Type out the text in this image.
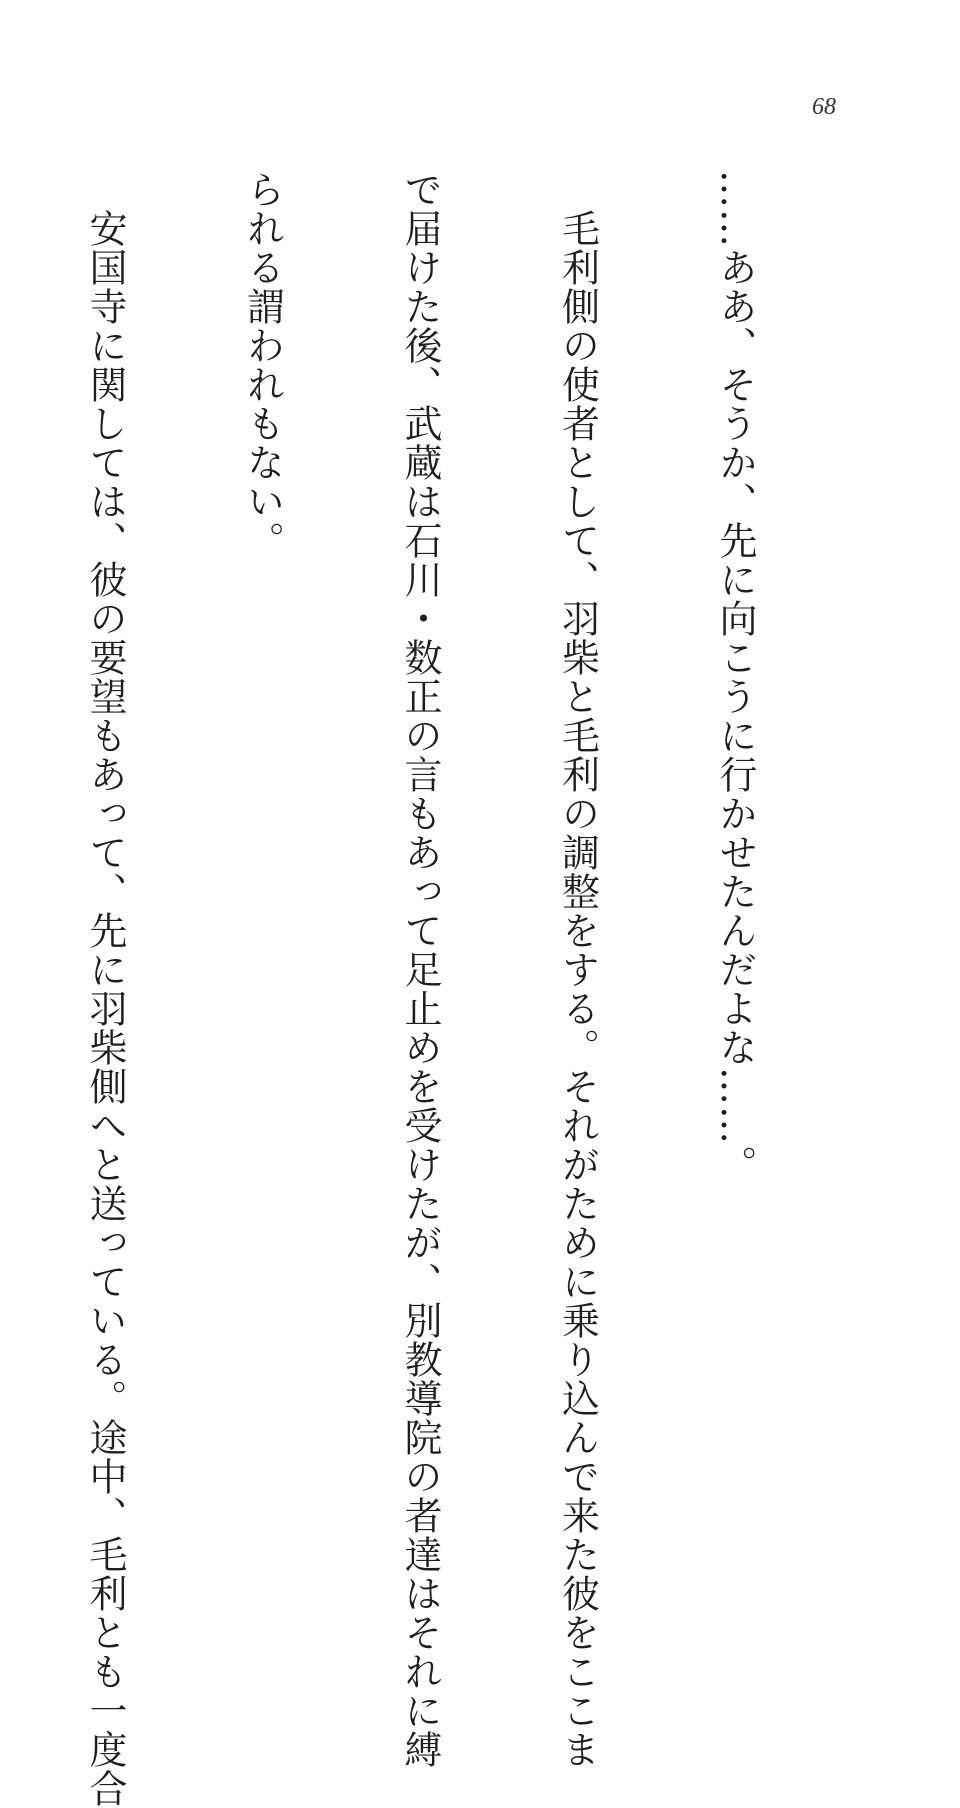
68

……ああ、そうか、先に向こうに行かせたんだよな……。

　毛利側の使者として、羽柴と毛利の調整をする。それがために乗り込んで来た彼をここま

で届けた後、武蔵は石川・数正の言もあって足止めを受けたが、別教導院の者達はそれに縛

られる謂われもない。

　安国寺に関しては、彼の要望もあって、先に羽柴側へと送っている。途中、毛利とも一度合
